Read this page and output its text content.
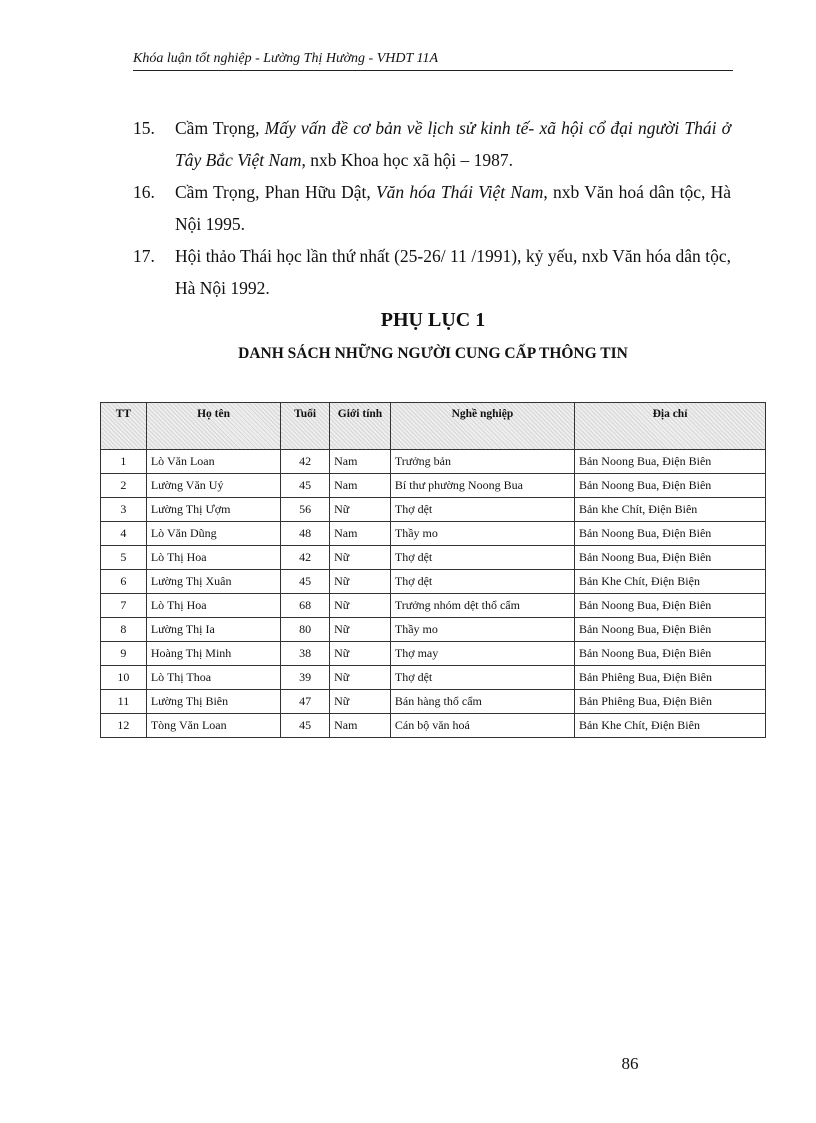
Khóa luận tốt nghiệp - Lường Thị Hường - VHDT 11A
15. Cầm Trọng, Mấy vấn đề cơ bản về lịch sử kinh tế- xã hội cổ đại người Thái ở Tây Bắc Việt Nam, nxb Khoa học xã hội – 1987.
16. Cầm Trọng, Phan Hữu Dật, Văn hóa Thái Việt Nam, nxb Văn hoá dân tộc, Hà Nội 1995.
17. Hội thảo Thái học lần thứ nhất (25-26/ 11 /1991), kỷ yếu, nxb Văn hóa dân tộc, Hà Nội 1992.
PHỤ LỤC 1
DANH SÁCH NHỮNG NGƯỜI CUNG CẤP THÔNG TIN
TT	Họ tên	Tuổi	Giới tính	Nghề nghiệp	Địa chỉ
1	Lò Văn Loan	42	Nam	Trưởng bản	Bản Noong Bua, Điện Biên
2	Lường Văn Uý	45	Nam	Bí thư phường Noong Bua	Bản Noong Bua, Điện Biên
3	Lường Thị Ượm	56	Nữ	Thợ dệt	Bản khe Chít, Điện Biên
4	Lò Văn Dũng	48	Nam	Thầy mo	Bản Noong Bua, Điện Biên
5	Lò Thị Hoa	42	Nữ	Thợ dệt	Bản Noong Bua, Điện Biên
6	Lường Thị Xuân	45	Nữ	Thợ dệt	Bản Khe Chít, Điện Biện
7	Lò Thị Hoa	68	Nữ	Trưởng nhóm dệt thổ cẩm	Bản Noong Bua, Điện Biên
8	Lường Thị Ia	80	Nữ	Thầy mo	Bản Noong Bua, Điện Biên
9	Hoàng Thị Minh	38	Nữ	Thợ may	Bản Noong Bua, Điện Biên
10	Lò Thị Thoa	39	Nữ	Thợ dệt	Bản Phiêng Bua, Điện Biên
11	Lường Thị Biên	47	Nữ	Bán hàng thổ cẩm	Bản Phiêng Bua, Điện Biên
12	Tòng Văn Loan	45	Nam	Cán bộ văn hoá	Bản Khe Chít, Điện Biên
86
